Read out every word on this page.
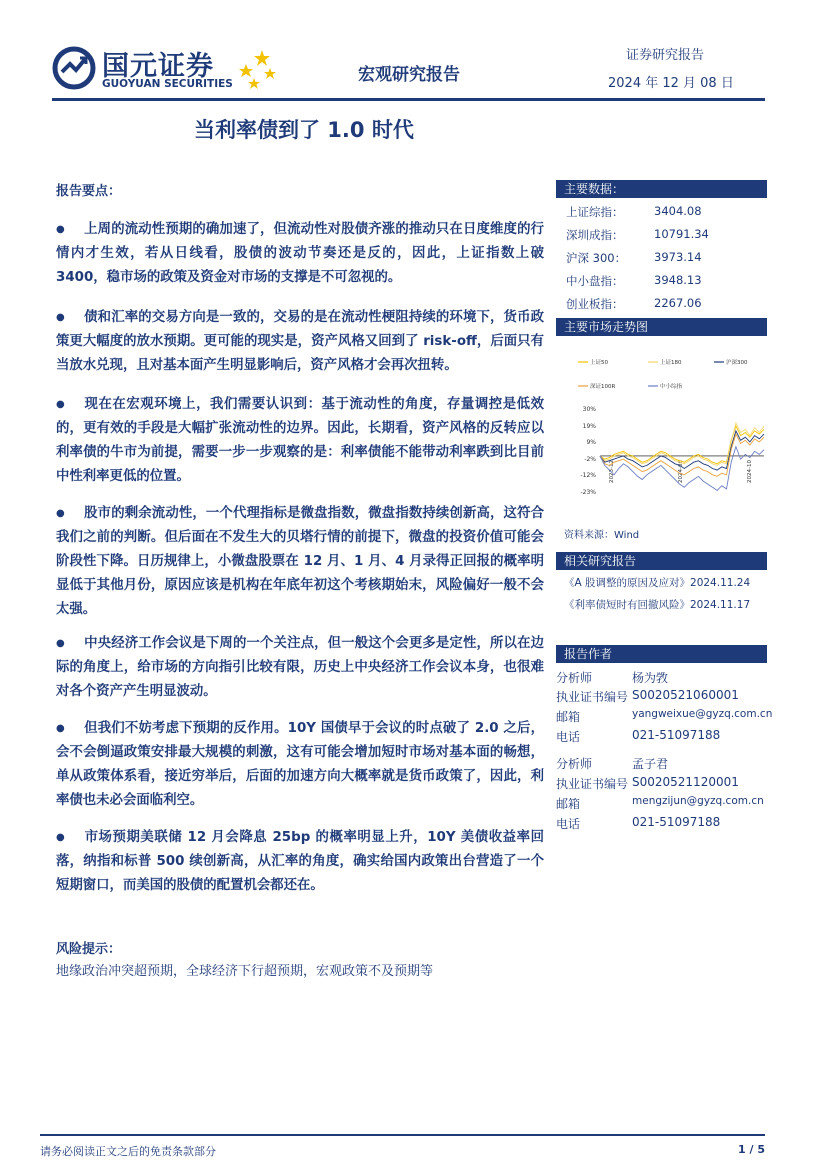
国元证券
GUOYUAN SECURITIES	宏观研究报告
证券研究报告
2024 年 12 月 08 日
当利率债到了 1.0 时代
报告要点：
● 上周的流动性预期的确加速了，但流动性对股债齐涨的推动只在日度维度的行情内才生效，若从日线看，股债的波动节奏还是反的，因此，上证指数上破 3400，稳市场的政策及资金对市场的支撑是不可忽视的。
● 债和汇率的交易方向是一致的，交易的是在流动性梗阻持续的环境下，货币政策更大幅度的放水预期。更可能的现实是，资产风格又回到了 risk-off，后面只有当放水兑现，且对基本面产生明显影响后，资产风格才会再次扭转。
● 现在在宏观环境上，我们需要认识到：基于流动性的角度，存量调控是低效的，更有效的手段是大幅扩张流动性的边界。因此，长期看，资产风格的反转应以利率债的牛市为前提，需要一步一步观察的是：利率债能不能带动利率跌到比目前中性利率更低的位置。
● 股市的剩余流动性，一个代理指标是微盘指数，微盘指数持续创新高，这符合我们之前的判断。但后面在不发生大的贝塔行情的前提下，微盘的投资价值可能会阶段性下降。日历规律上，小微盘股票在 12 月、1 月、4 月录得正回报的概率明显低于其他月份，原因应该是机构在年底年初这个考核期始末，风险偏好一般不会太强。
● 中央经济工作会议是下周的一个关注点，但一般这个会更多是定性，所以在边际的角度上，给市场的方向指引比较有限，历史上中央经济工作会议本身，也很难对各个资产产生明显波动。
● 但我们不妨考虑下预期的反作用。10Y 国债早于会议的时点破了 2.0 之后，会不会倒逼政策安排最大规模的刺激，这有可能会增加短时市场对基本面的畅想，单从政策体系看，接近穷举后，后面的加速方向大概率就是货币政策了，因此，利率债也未必会面临利空。
● 市场预期美联储 12 月会降息 25bp 的概率明显上升，10Y 美债收益率回落，纳指和标普 500 续创新高，从汇率的角度，确实给国内政策出台营造了一个短期窗口，而美国的股债的配置机会都还在。
风险提示：
地缘政治冲突超预期，全球经济下行超预期，宏观政策不及预期等
主要数据：
上证综指：	3404.08
深圳成指：	10791.34
沪深 300： 3973.14
中小盘指：	3948.13
创业板指：	2267.06
主要市场走势图
上证50	上证180	沪深300
深证100R	中小综指
30%
19%
9%
-2%
-12%
-23%
2023-12	2024-06	2024-10
资料来源：Wind
相关研究报告
《A 股调整的原因及应对》2024.11.24
《利率债短时有回撤风险》2024.11.17
报告作者
分析师	杨为敩
执业证书编号 S0020521060001
邮箱	yangweixue@gyzq.com.cn
电话	021-51097188
分析师	孟子君
执业证书编号 S0020521120001
邮箱	mengzijun@gyzq.com.cn
电话	021-51097188
请务必阅读正文之后的免责条款部分	1 / 5
